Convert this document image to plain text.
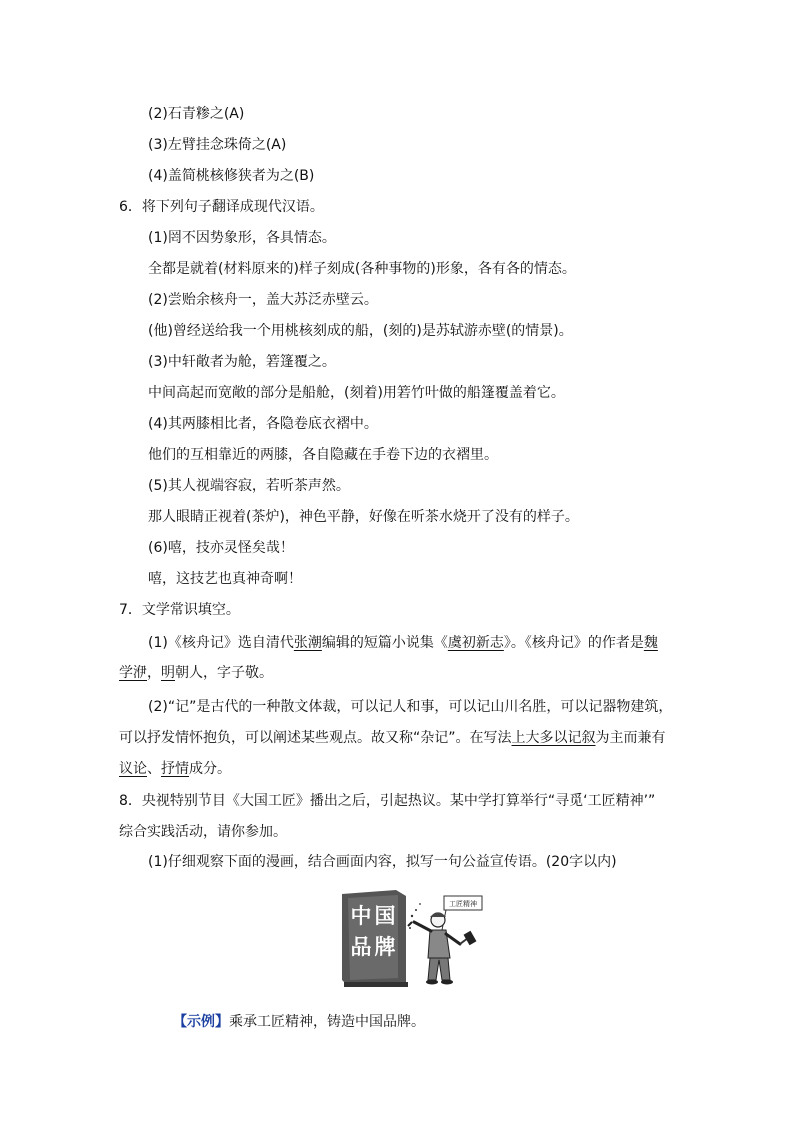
(2)石青糁之(A)
(3)左臂挂念珠倚之(A)
(4)盖简桃核修狭者为之(B)
6．将下列句子翻译成现代汉语。
(1)罔不因势象形，各具情态。
全都是就着(材料原来的)样子刻成(各种事物的)形象，各有各的情态。
(2)尝贻余核舟一，盖大苏泛赤壁云。
(他)曾经送给我一个用桃核刻成的船，(刻的)是苏轼游赤壁(的情景)。
(3)中轩敞者为舱，箬篷覆之。
中间高起而宽敞的部分是船舱，(刻着)用箬竹叶做的船篷覆盖着它。
(4)其两膝相比者，各隐卷底衣褶中。
他们的互相靠近的两膝，各自隐藏在手卷下边的衣褶里。
(5)其人视端容寂，若听茶声然。
那人眼睛正视着(茶炉)，神色平静，好像在听茶水烧开了没有的样子。
(6)嘻，技亦灵怪矣哉！
嘻，这技艺也真神奇啊！
7．文学常识填空。
(1)《核舟记》选自清代张潮编辑的短篇小说集《虞初新志》。《核舟记》的作者是魏
学洢，明朝人，字子敬。
(2)“记”是古代的一种散文体裁，可以记人和事，可以记山川名胜，可以记器物建筑，
可以抒发情怀抱负，可以阐述某些观点。故又称“杂记”。在写法上大多以记叙为主而兼有
议论、抒情成分。
8．央视特别节目《大国工匠》播出之后，引起热议。某中学打算举行“寻觅‘工匠精神’”
综合实践活动，请你参加。
(1)仔细观察下面的漫画，结合画面内容，拟写一句公益宣传语。(20字以内)
中 国
品 牌
工匠精神
【示例】乘承工匠精神，铸造中国品牌。
